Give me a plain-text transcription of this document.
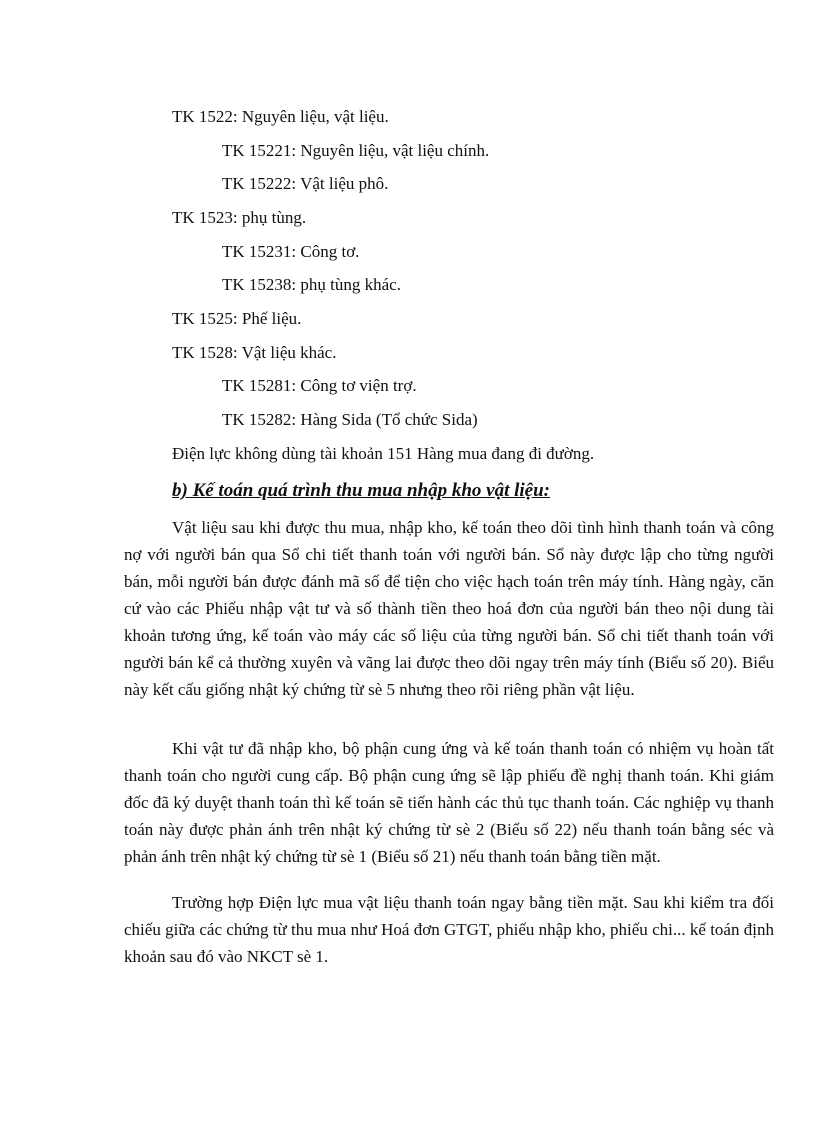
TK 1522: Nguyên liệu, vật liệu.
TK 15221: Nguyên liệu, vật liệu chính.
TK 15222: Vật liệu phô.
TK 1523: phụ tùng.
TK 15231: Công tơ.
TK 15238: phụ tùng khác.
TK 1525: Phế liệu.
TK 1528: Vật liệu khác.
TK 15281: Công tơ viện trợ.
TK 15282: Hàng Sida (Tổ chức Sida)
Điện lực không dùng tài khoản 151 Hàng mua đang đi đường.
b) Kế toán quá trình thu mua nhập kho vật liệu:

Vật liệu sau khi được thu mua, nhập kho, kế toán theo dõi tình hình thanh toán và công nợ với người bán qua Sổ chi tiết thanh toán với người bán. Sổ này được lập cho từng người bán, mỗi người bán được đánh mã số để tiện cho việc hạch toán trên máy tính. Hàng ngày, căn cứ vào các Phiếu nhập vật tư và số thành tiền theo hoá đơn của người bán theo nội dung tài khoản tương ứng, kế toán vào máy các số liệu của từng người bán. Sổ chi tiết thanh toán với người bán kể cả thường xuyên và vãng lai được theo dõi ngay trên máy tính (Biểu số 20). Biểu này kết cấu giống nhật ký chứng từ sè 5 nhưng theo rõi riêng phần vật liệu.

Khi vật tư đã nhập kho, bộ phận cung ứng và kế toán thanh toán có nhiệm vụ hoàn tất thanh toán cho người cung cấp. Bộ phận cung ứng sẽ lập phiếu đề nghị thanh toán. Khi giám đốc đã ký duyệt thanh toán thì kế toán sẽ tiến hành các thủ tục thanh toán. Các nghiệp vụ thanh toán này được phản ánh trên nhật ký chứng từ sè 2 (Biểu số 22) nếu thanh toán bằng séc và phản ánh trên nhật ký chứng từ sè 1 (Biểu số 21) nếu thanh toán bằng tiền mặt.

Trường hợp Điện lực mua vật liệu thanh toán ngay bằng tiền mặt. Sau khi kiểm tra đối chiếu giữa các chứng từ thu mua như Hoá đơn GTGT, phiếu nhập kho, phiếu chi... kế toán định khoản sau đó vào NKCT sè 1.
